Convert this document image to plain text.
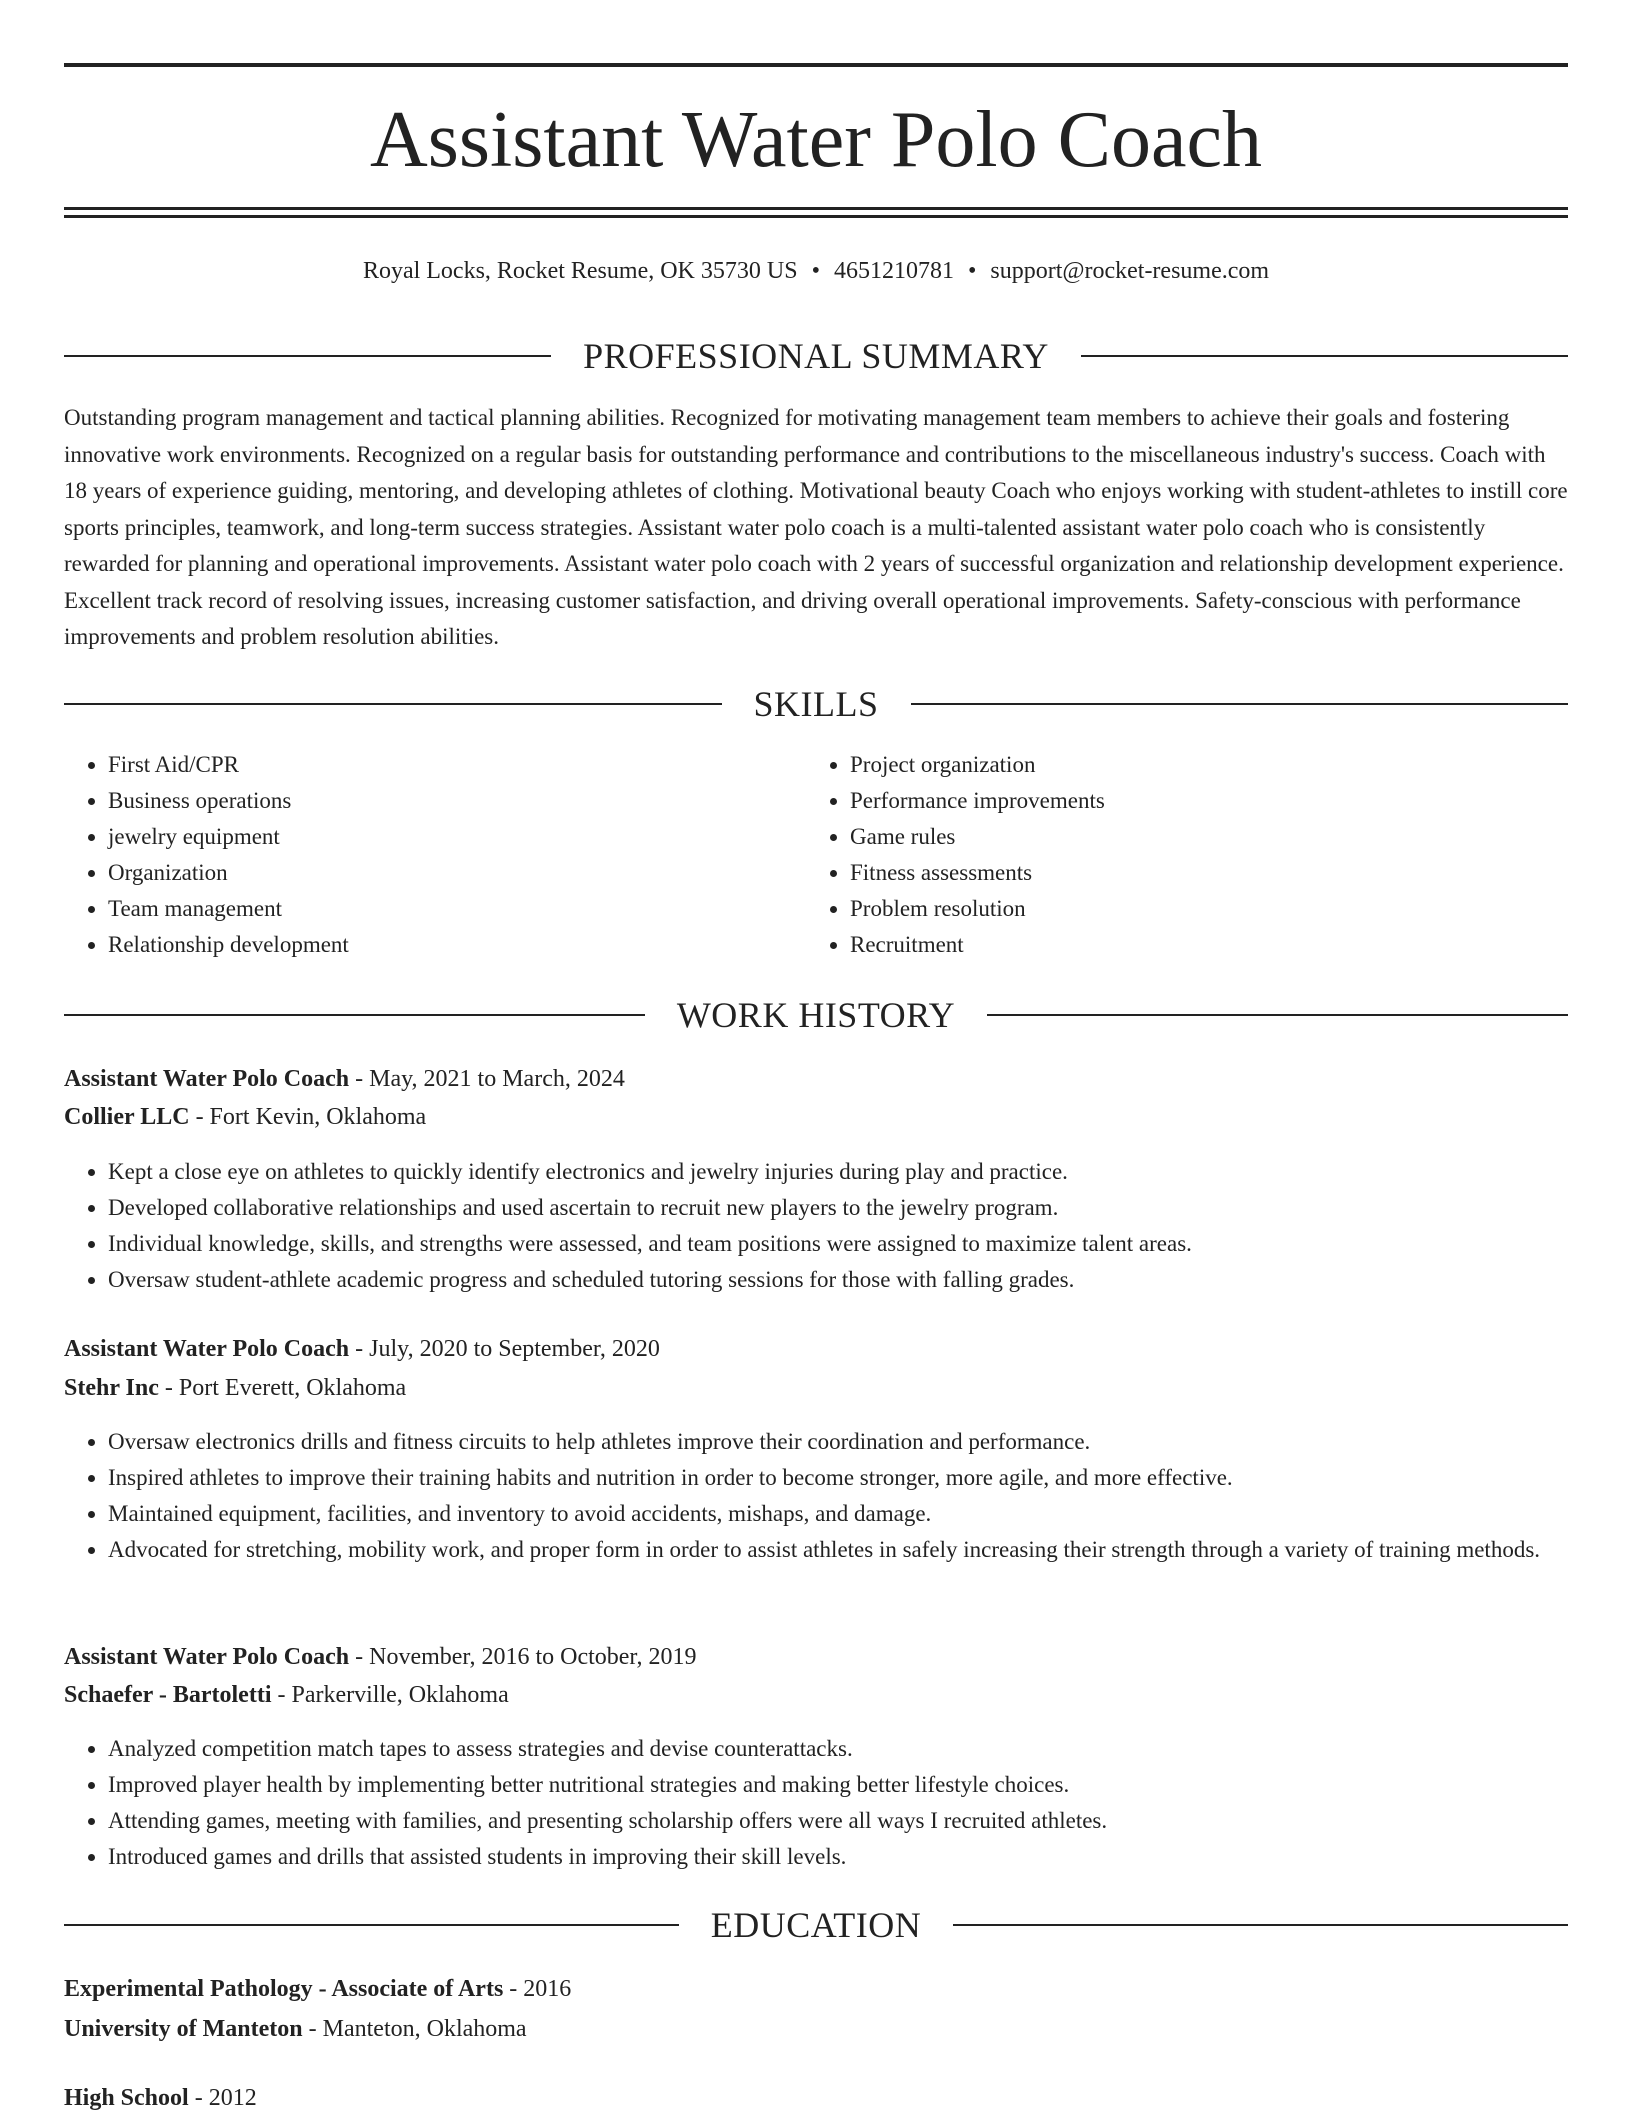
Assistant Water Polo Coach
Royal Locks, Rocket Resume, OK 35730 US • 4651210781 • support@rocket-resume.com
PROFESSIONAL SUMMARY

Outstanding program management and tactical planning abilities. Recognized for motivating management team members to achieve their goals and fostering innovative work environments. Recognized on a regular basis for outstanding performance and contributions to the miscellaneous industry's success. Coach with 18 years of experience guiding, mentoring, and developing athletes of clothing. Motivational beauty Coach who enjoys working with student-athletes to instill core sports principles, teamwork, and long-term success strategies. Assistant water polo coach is a multi-talented assistant water polo coach who is consistently rewarded for planning and operational improvements. Assistant water polo coach with 2 years of successful organization and relationship development experience. Excellent track record of resolving issues, increasing customer satisfaction, and driving overall operational improvements. Safety-conscious with performance improvements and problem resolution abilities.

SKILLS
• First Aid/CPR
• Business operations
• jewelry equipment
• Organization
• Team management
• Relationship development
• Project organization
• Performance improvements
• Game rules
• Fitness assessments
• Problem resolution
• Recruitment
WORK HISTORY
Assistant Water Polo Coach - May, 2021 to March, 2024
Collier LLC - Fort Kevin, Oklahoma
• Kept a close eye on athletes to quickly identify electronics and jewelry injuries during play and practice.
• Developed collaborative relationships and used ascertain to recruit new players to the jewelry program.
• Individual knowledge, skills, and strengths were assessed, and team positions were assigned to maximize talent areas.
• Oversaw student-athlete academic progress and scheduled tutoring sessions for those with falling grades.
Assistant Water Polo Coach - July, 2020 to September, 2020
Stehr Inc - Port Everett, Oklahoma
• Oversaw electronics drills and fitness circuits to help athletes improve their coordination and performance.
• Inspired athletes to improve their training habits and nutrition in order to become stronger, more agile, and more effective.
• Maintained equipment, facilities, and inventory to avoid accidents, mishaps, and damage.
• Advocated for stretching, mobility work, and proper form in order to assist athletes in safely increasing their strength through a variety of training methods.
Assistant Water Polo Coach - November, 2016 to October, 2019
Schaefer - Bartoletti - Parkerville, Oklahoma
• Analyzed competition match tapes to assess strategies and devise counterattacks.
• Improved player health by implementing better nutritional strategies and making better lifestyle choices.
• Attending games, meeting with families, and presenting scholarship offers were all ways I recruited athletes.
• Introduced games and drills that assisted students in improving their skill levels.
EDUCATION
Experimental Pathology - Associate of Arts - 2016
University of Manteton - Manteton, Oklahoma
High School - 2012
